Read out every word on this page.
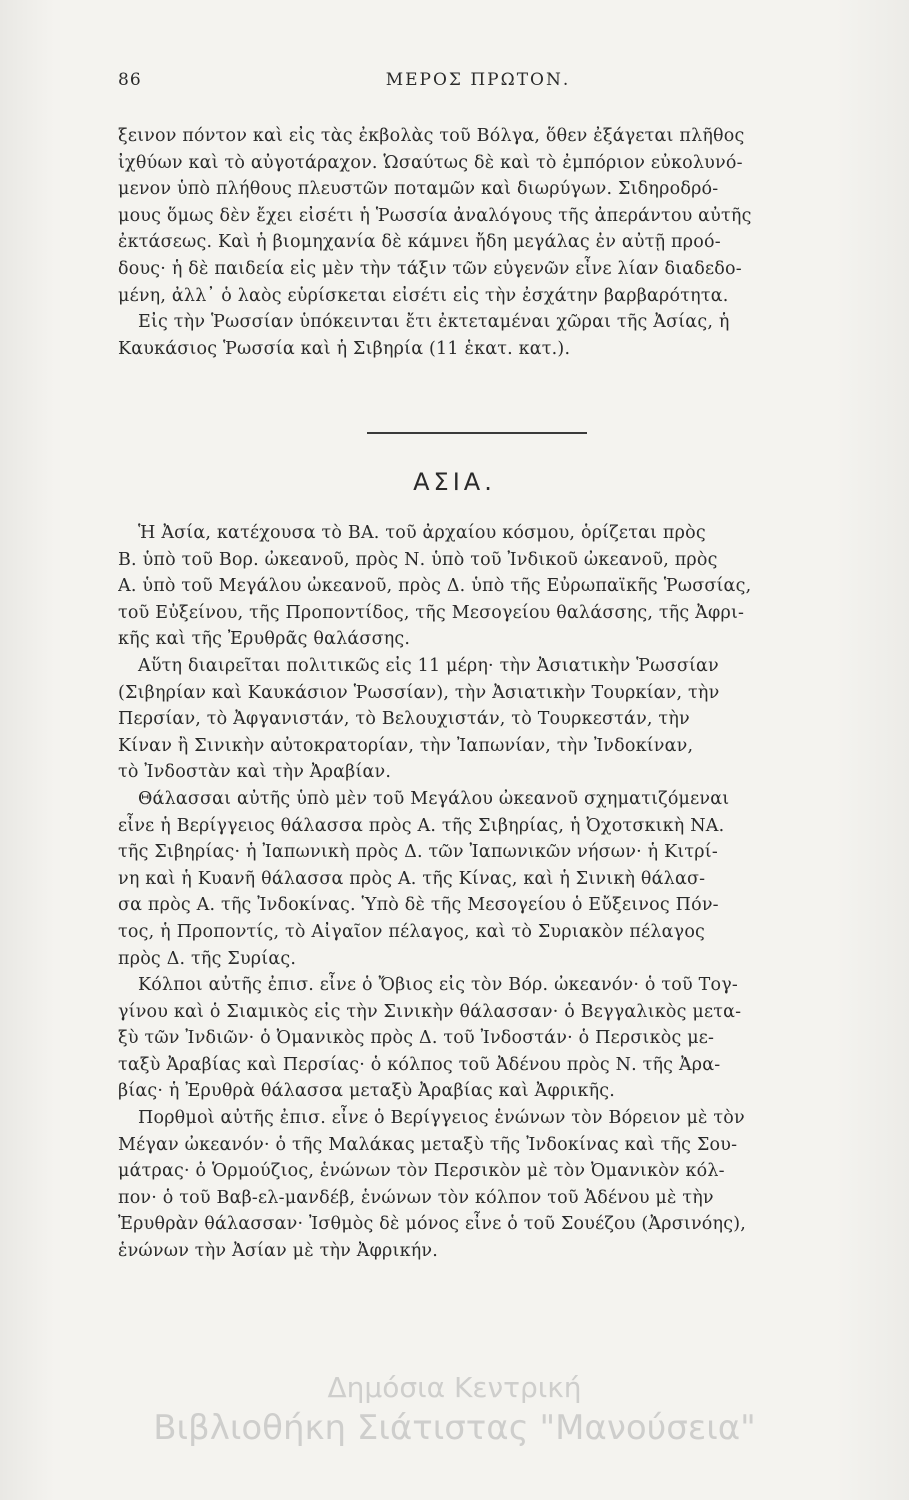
86	ΜΕΡΟΣ ΠΡΩΤΟΝ.
ξεινον πόντον καὶ εἰς τὰς ἐκβολὰς τοῦ Βόλγα, ὅθεν ἐξάγεται πλῆθος
ἰχθύων καὶ τὸ αὐγοτάραχον. Ὡσαύτως δὲ καὶ τὸ ἐμπόριον εὐκολυνό-
μενον ὑπὸ πλήθους πλευστῶν ποταμῶν καὶ διωρύγων. Σιδηροδρό-
μους ὅμως δὲν ἔχει εἰσέτι ἡ Ῥωσσία ἀναλόγους τῆς ἀπεράντου αὐτῆς
ἐκτάσεως. Καὶ ἡ βιομηχανία δὲ κάμνει ἤδη μεγάλας ἐν αὐτῇ προό-
δους· ἡ δὲ παιδεία εἰς μὲν τὴν τάξιν τῶν εὐγενῶν εἶνε λίαν διαδεδο-
μένη, ἀλλ᾽ ὁ λαὸς εὑρίσκεται εἰσέτι εἰς τὴν ἐσχάτην βαρβαρότητα.
Εἰς τὴν Ῥωσσίαν ὑπόκεινται ἔτι ἐκτεταμέναι χῶραι τῆς Ἀσίας, ἡ
Καυκάσιος Ῥωσσία καὶ ἡ Σιβηρία (11 ἑκατ. κατ.).
ΑΣΙΑ.
Ἡ Ἀσία, κατέχουσα τὸ ΒΑ. τοῦ ἀρχαίου κόσμου, ὁρίζεται πρὸς
Β. ὑπὸ τοῦ Βορ. ὠκεανοῦ, πρὸς Ν. ὑπὸ τοῦ Ἰνδικοῦ ὠκεανοῦ, πρὸς
Α. ὑπὸ τοῦ Μεγάλου ὠκεανοῦ, πρὸς Δ. ὑπὸ τῆς Εὐρωπαϊκῆς Ῥωσσίας,
τοῦ Εὐξείνου, τῆς Προποντίδος, τῆς Μεσογείου θαλάσσης, τῆς Ἀφρι-
κῆς καὶ τῆς Ἐρυθρᾶς θαλάσσης.
Αὕτη διαιρεῖται πολιτικῶς εἰς 11 μέρη· τὴν Ἀσιατικὴν Ῥωσσίαν
(Σιβηρίαν καὶ Καυκάσιον Ῥωσσίαν), τὴν Ἀσιατικὴν Τουρκίαν, τὴν
Περσίαν, τὸ Ἀφγανιστάν, τὸ Βελουχιστάν, τὸ Τουρκεστάν, τὴν
Κίναν ἢ Σινικὴν αὐτοκρατορίαν, τὴν Ἰαπωνίαν, τὴν Ἰνδοκίναν,
τὸ Ἰνδοστὰν καὶ τὴν Ἀραβίαν.
Θάλασσαι αὐτῆς ὑπὸ μὲν τοῦ Μεγάλου ὠκεανοῦ σχηματιζόμεναι
εἶνε ἡ Βερίγγειος θάλασσα πρὸς Α. τῆς Σιβηρίας, ἡ Ὀχοτσκικὴ ΝΑ.
τῆς Σιβηρίας· ἡ Ἰαπωνικὴ πρὸς Δ. τῶν Ἰαπωνικῶν νήσων· ἡ Κιτρί-
νη καὶ ἡ Κυανῆ θάλασσα πρὸς Α. τῆς Κίνας, καὶ ἡ Σινικὴ θάλασ-
σα πρὸς Α. τῆς Ἰνδοκίνας. Ὑπὸ δὲ τῆς Μεσογείου ὁ Εὔξεινος Πόν-
τος, ἡ Προποντίς, τὸ Αἰγαῖον πέλαγος, καὶ τὸ Συριακὸν πέλαγος
πρὸς Δ. τῆς Συρίας.
Κόλποι αὐτῆς ἐπισ. εἶνε ὁ Ὄβιος εἰς τὸν Βόρ. ὠκεανόν· ὁ τοῦ Τογ-
γίνου καὶ ὁ Σιαμικὸς εἰς τὴν Σινικὴν θάλασσαν· ὁ Βεγγαλικὸς μετα-
ξὺ τῶν Ἰνδιῶν· ὁ Ὀμανικὸς πρὸς Δ. τοῦ Ἰνδοστάν· ὁ Περσικὸς με-
ταξὺ Ἀραβίας καὶ Περσίας· ὁ κόλπος τοῦ Ἀδένου πρὸς Ν. τῆς Ἀρα-
βίας· ἡ Ἐρυθρὰ θάλασσα μεταξὺ Ἀραβίας καὶ Ἀφρικῆς.
Πορθμοὶ αὐτῆς ἐπισ. εἶνε ὁ Βερίγγειος ἑνώνων τὸν Βόρειον μὲ τὸν
Μέγαν ὠκεανόν· ὁ τῆς Μαλάκας μεταξὺ τῆς Ἰνδοκίνας καὶ τῆς Σου-
μάτρας· ὁ Ὁρμούζιος, ἑνώνων τὸν Περσικὸν μὲ τὸν Ὀμανικὸν κόλ-
πον· ὁ τοῦ Βαβ-ελ-μανδέβ, ἑνώνων τὸν κόλπον τοῦ Ἀδένου μὲ τὴν
Ἐρυθρὰν θάλασσαν· Ἰσθμὸς δὲ μόνος εἶνε ὁ τοῦ Σουέζου (Ἀρσινόης),
ἑνώνων τὴν Ἀσίαν μὲ τὴν Ἀφρικήν.
Δημόσια Κεντρική
Βιβλιοθήκη Σιάτιστας "Μανούσεια"
